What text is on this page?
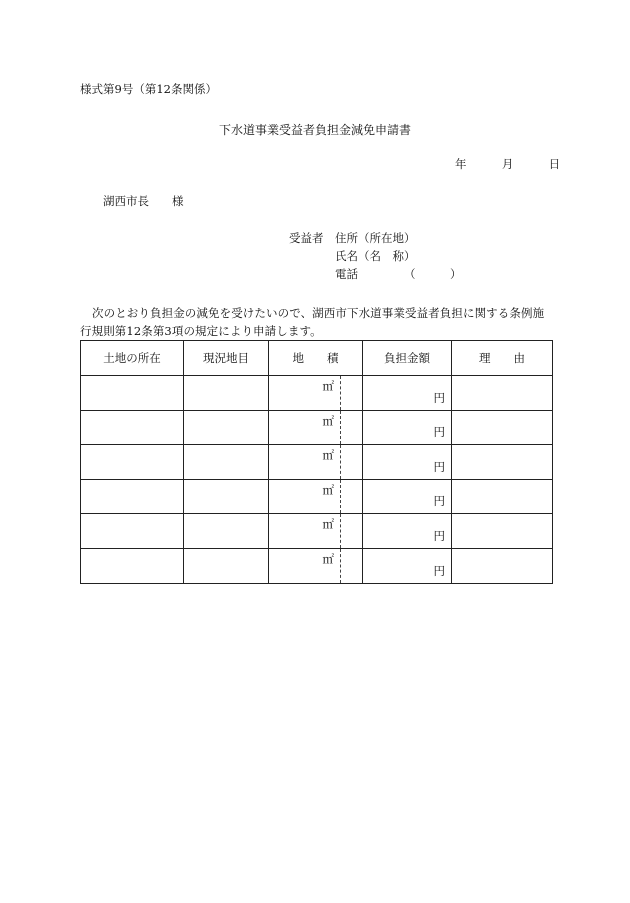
様式第9号（第12条関係）
下水道事業受益者負担金減免申請書
年	月	日
湖西市長　　様
受益者 住所（所在地）
氏名（名　称）
電話	（　　　）
次のとおり負担金の減免を受けたいので、湖西市下水道事業受益者負担に関する条例施行規則第12条第3項の規定により申請します。
土地の所在	現況地目	地　　積		負担金額	理　　由
		㎡		円	
		㎡		円	
		㎡		円	
		㎡		円	
		㎡		円	
		㎡		円	
